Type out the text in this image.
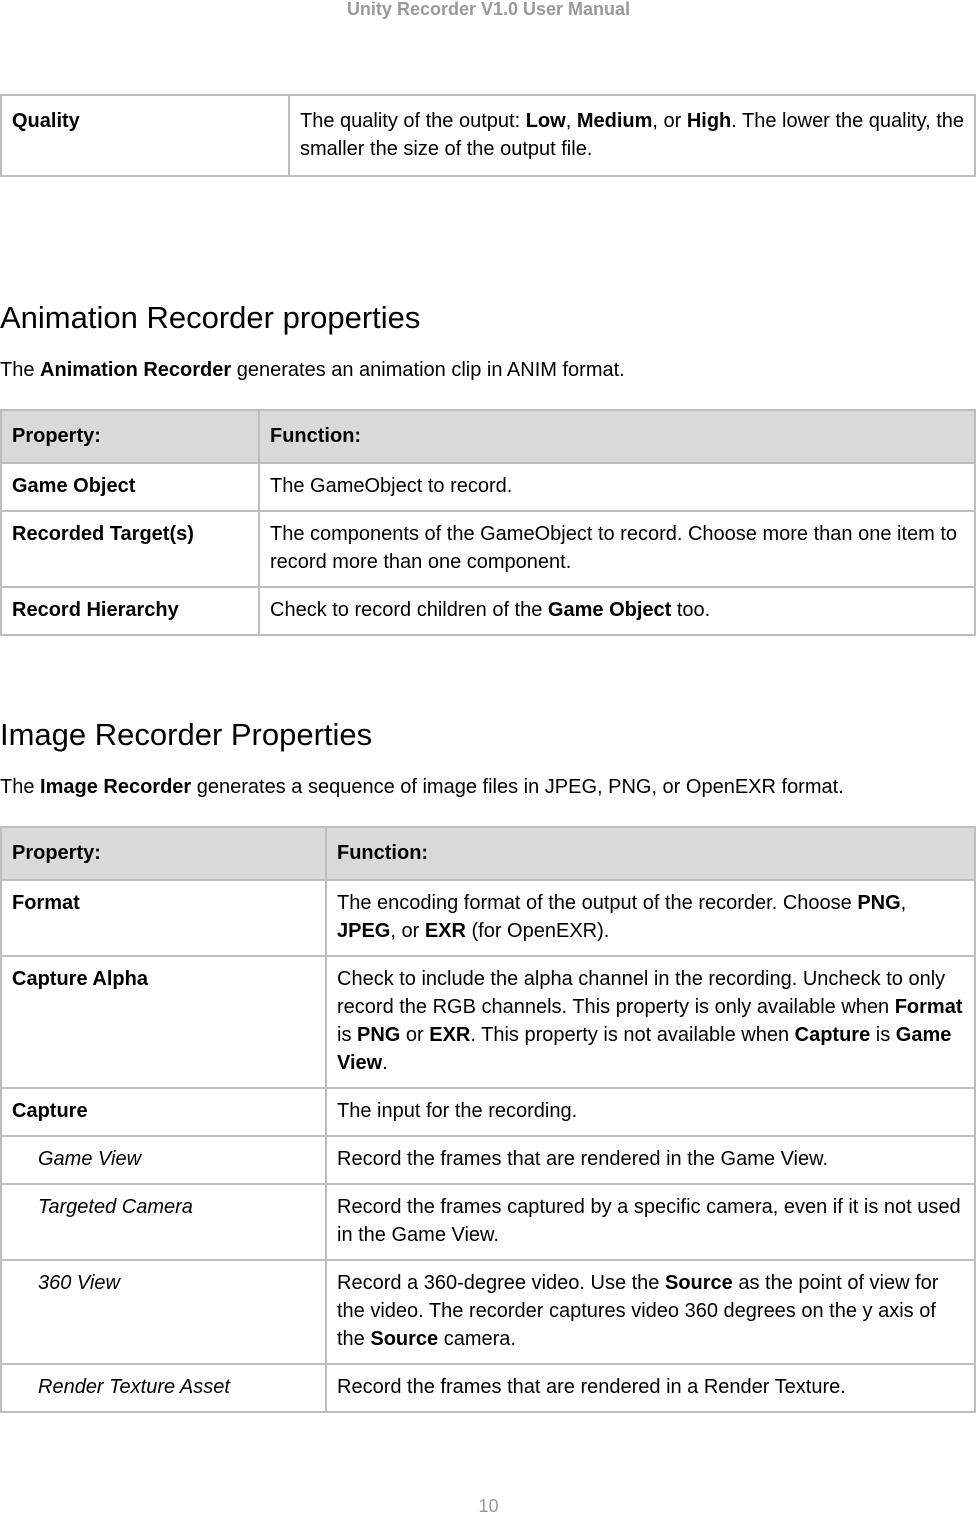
Unity Recorder V1.0 User Manual
Quality	The quality of the output: Low, Medium, or High. The lower the quality, the smaller the size of the output file.
Animation Recorder properties

The Animation Recorder generates an animation clip in ANIM format.

Property:	Function:
Game Object	The GameObject to record.
Recorded Target(s)	The components of the GameObject to record. Choose more than one item to record more than one component.
Record Hierarchy	Check to record children of the Game Object too.
Image Recorder Properties

The Image Recorder generates a sequence of image files in JPEG, PNG, or OpenEXR format.

Property:	Function:
Format	The encoding format of the output of the recorder. Choose PNG, JPEG, or EXR (for OpenEXR).
Capture Alpha	Check to include the alpha channel in the recording. Uncheck to only record the RGB channels. This property is only available when Format is PNG or EXR. This property is not available when Capture is Game View.
Capture	The input for the recording.
Game View	Record the frames that are rendered in the Game View.
Targeted Camera	Record the frames captured by a specific camera, even if it is not used in the Game View.
360 View	Record a 360-degree video. Use the Source as the point of view for the video. The recorder captures video 360 degrees on the y axis of the Source camera.
Render Texture Asset	Record the frames that are rendered in a Render Texture.
10
